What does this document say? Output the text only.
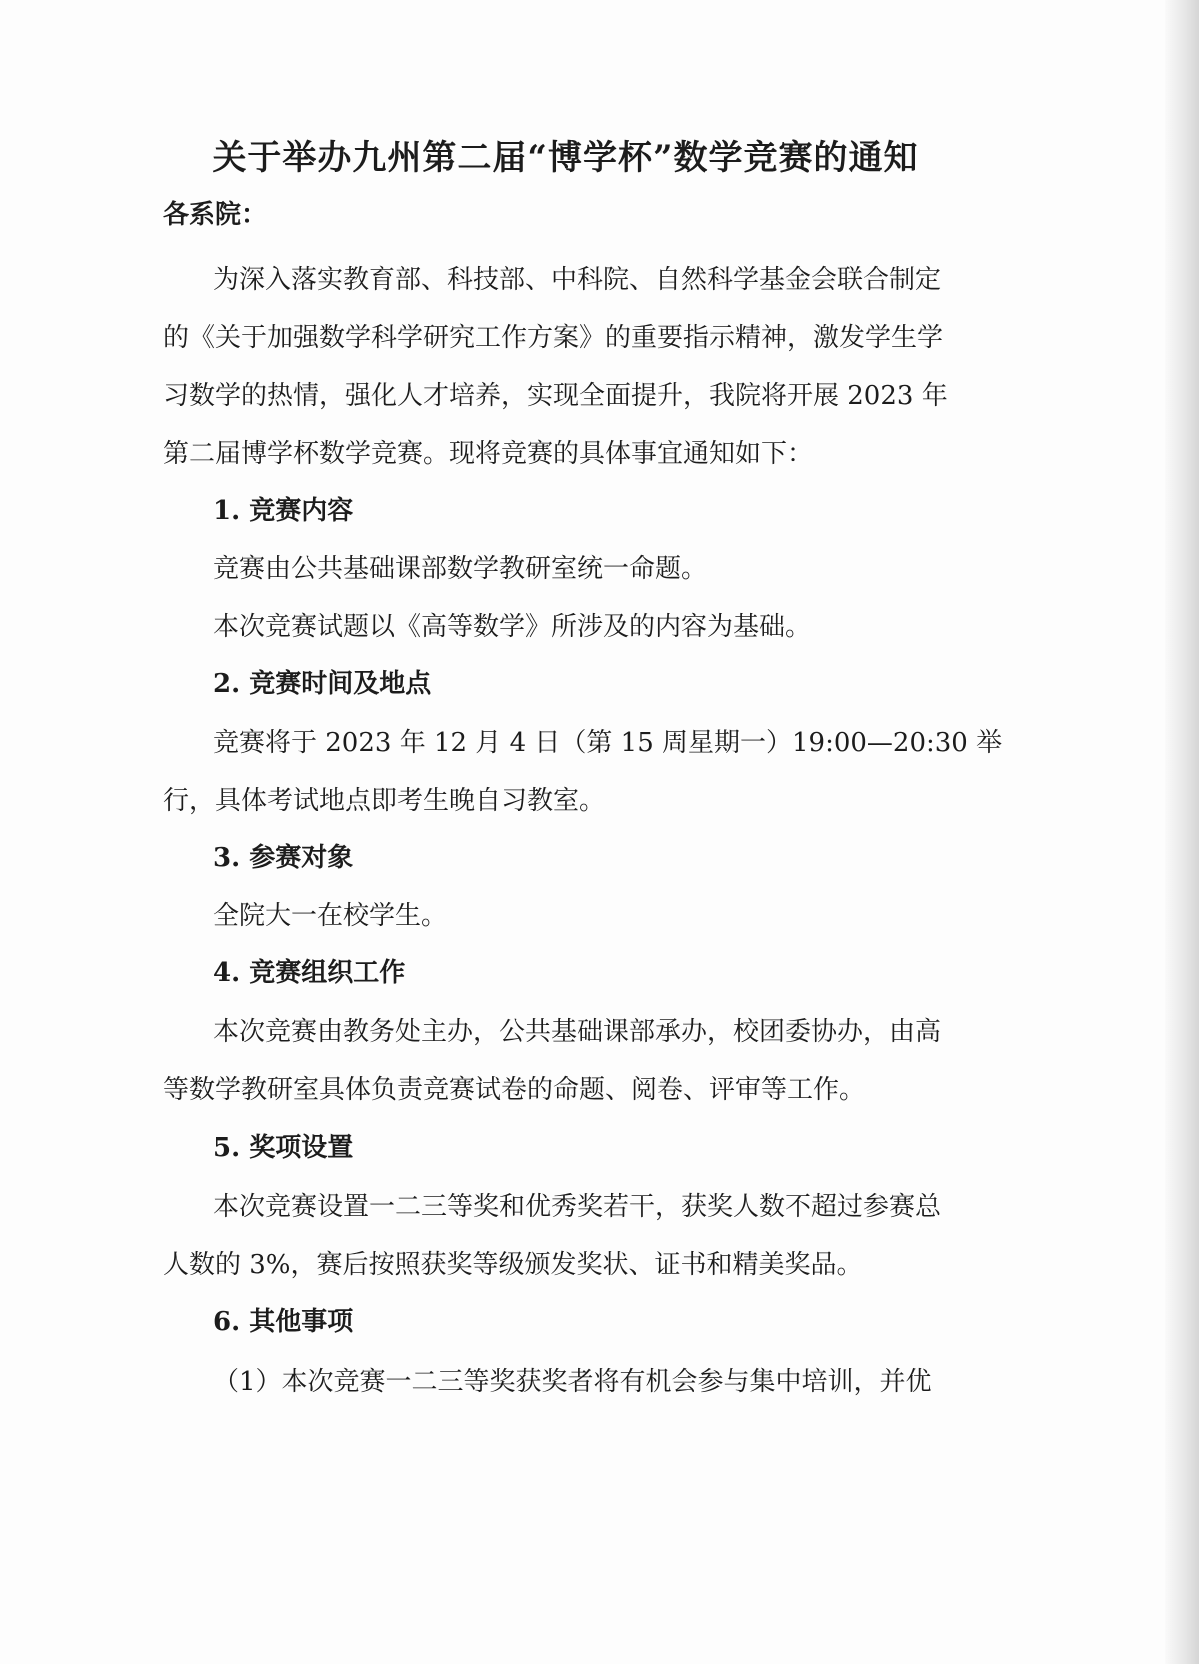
关于举办九州第二届“博学杯”数学竞赛的通知
各系院：
为深入落实教育部、科技部、中科院、自然科学基金会联合制定
的《关于加强数学科学研究工作方案》的重要指示精神，激发学生学
习数学的热情，强化人才培养，实现全面提升，我院将开展 2023 年
第二届博学杯数学竞赛。现将竞赛的具体事宜通知如下：
1. 竞赛内容
竞赛由公共基础课部数学教研室统一命题。
本次竞赛试题以《高等数学》所涉及的内容为基础。
2. 竞赛时间及地点
竞赛将于 2023 年 12 月 4 日（第 15 周星期一）19:00—20:30 举
行，具体考试地点即考生晚自习教室。
3. 参赛对象
全院大一在校学生。
4. 竞赛组织工作
本次竞赛由教务处主办，公共基础课部承办，校团委协办，由高
等数学教研室具体负责竞赛试卷的命题、阅卷、评审等工作。
5. 奖项设置
本次竞赛设置一二三等奖和优秀奖若干，获奖人数不超过参赛总
人数的 3%，赛后按照获奖等级颁发奖状、证书和精美奖品。
6. 其他事项
（1）本次竞赛一二三等奖获奖者将有机会参与集中培训，并优
